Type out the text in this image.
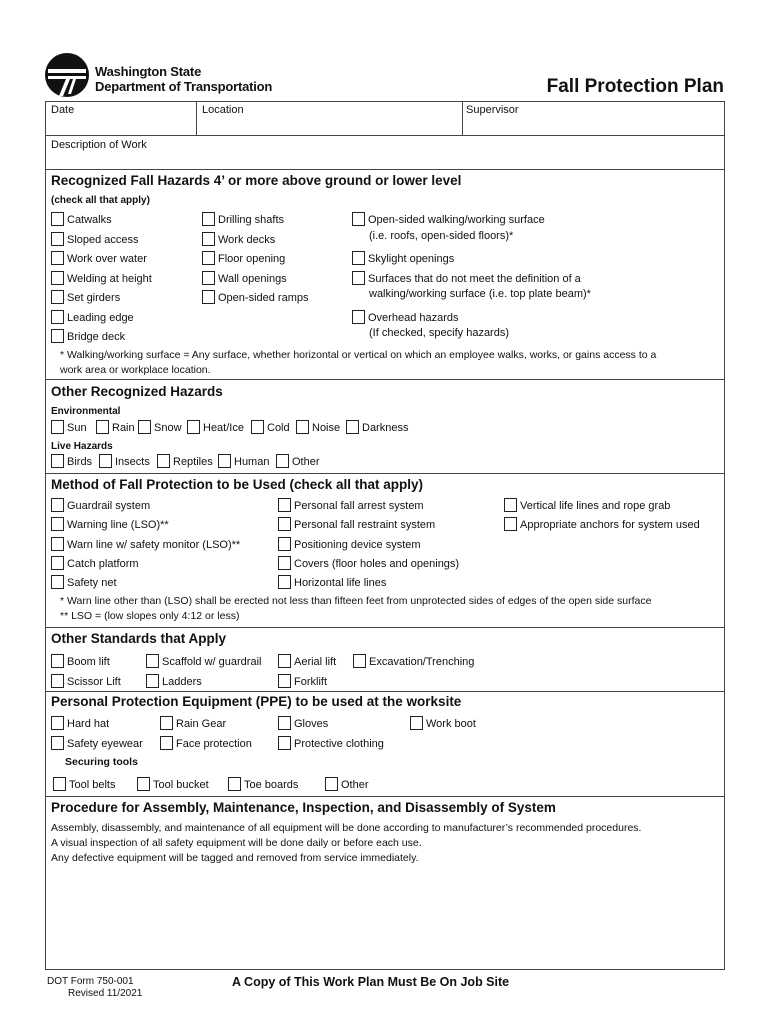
Washington State
Department of Transportation	Fall Protection Plan
Date	Location	Supervisor
Description of Work
Recognized Fall Hazards 4’ or more above ground or lower level
(check all that apply)
Catwalks
Sloped access
Work over water
Welding at height
Set girders
Leading edge
Bridge deck
Drilling shafts
Work decks
Floor opening
Wall openings
Open-sided ramps
Open-sided walking/working surface
(i.e. roofs, open-sided floors)*
Skylight openings
Surfaces that do not meet the definition of a
walking/working surface (i.e. top plate beam)*
Overhead hazards
(If checked, specify hazards)
* Walking/working surface = Any surface, whether horizontal or vertical on which an employee walks, works, or gains access to a
work area or workplace location.
Other Recognized Hazards
Environmental
Sun	Rain	Snow	Heat/Ice	Cold	Noise	Darkness
Live Hazards
Birds	Insects	Reptiles	Human	Other
Method of Fall Protection to be Used (check all that apply)
Guardrail system
Warning line (LSO)**
Warn line w/ safety monitor (LSO)**
Catch platform
Safety net
Personal fall arrest system
Personal fall restraint system
Positioning device system
Covers (floor holes and openings)
Horizontal life lines
Vertical life lines and rope grab
Appropriate anchors for system used
* Warn line other than (LSO) shall be erected not less than fifteen feet from unprotected sides of edges of the open side surface
** LSO = (low slopes only 4:12 or less)
Other Standards that Apply
Boom lift	Scaffold w/ guardrail	Aerial lift	Excavation/Trenching
Scissor Lift	Ladders	Forklift
Personal Protection Equipment (PPE) to be used at the worksite
Hard hat	Rain Gear	Gloves	Work boot
Safety eyewear	Face protection	Protective clothing
Securing tools
Tool belts	Tool bucket	Toe boards	Other
Procedure for Assembly, Maintenance, Inspection, and Disassembly of System
Assembly, disassembly, and maintenance of all equipment will be done according to manufacturer’s recommended procedures.
A visual inspection of all safety equipment will be done daily or before each use.
Any defective equipment will be tagged and removed from service immediately.
DOT Form 750-001
Revised 11/2021
A Copy of This Work Plan Must Be On Job Site
